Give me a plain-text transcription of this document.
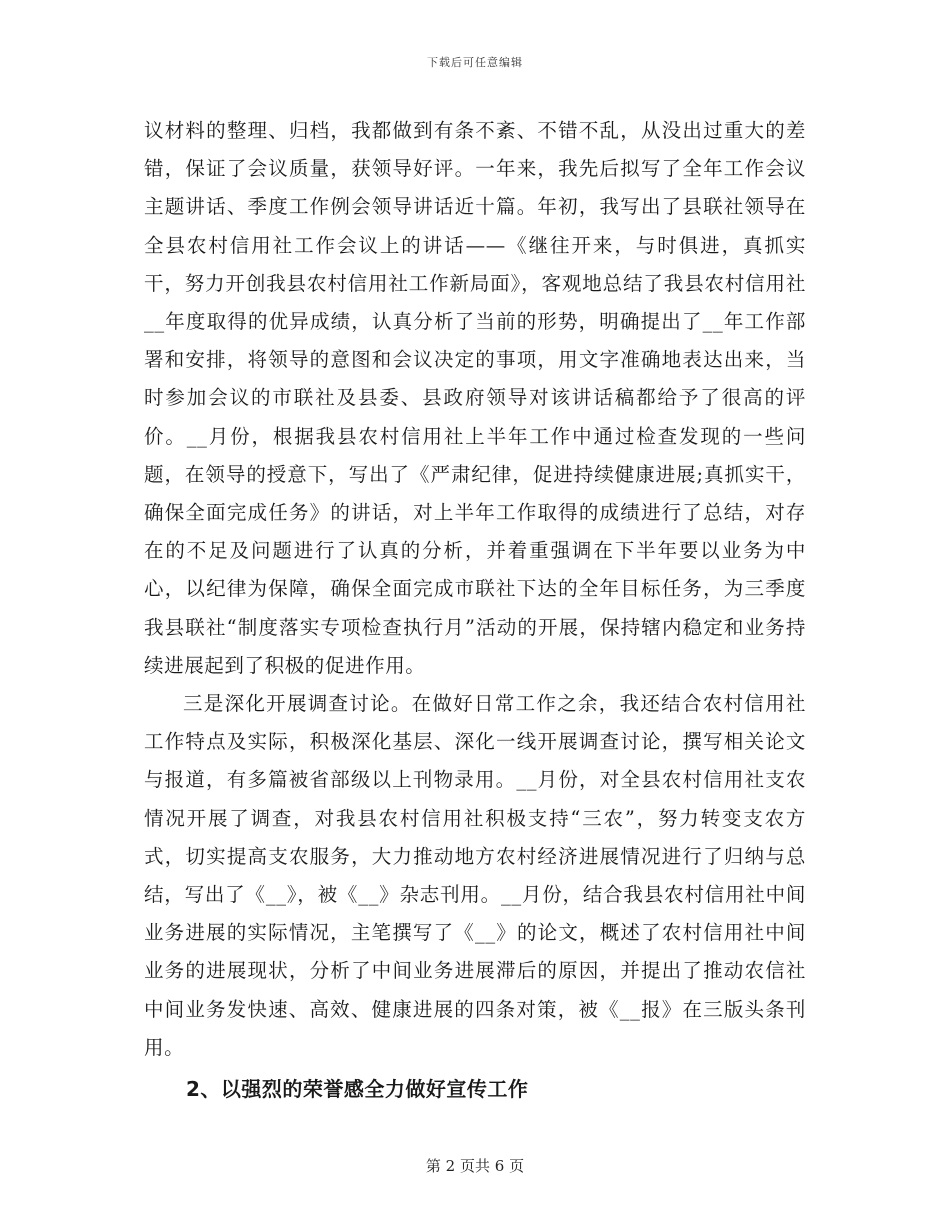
下载后可任意编辑

议材料的整理、归档，我都做到有条不紊、不错不乱，从没出过重大的差错，保证了会议质量，获领导好评。一年来，我先后拟写了全年工作会议主题讲话、季度工作例会领导讲话近十篇。年初，我写出了县联社领导在全县农村信用社工作会议上的讲话——《继往开来，与时俱进，真抓实干，努力开创我县农村信用社工作新局面》，客观地总结了我县农村信用社__年度取得的优异成绩，认真分析了当前的形势，明确提出了__年工作部署和安排，将领导的意图和会议决定的事项，用文字准确地表达出来，当时参加会议的市联社及县委、县政府领导对该讲话稿都给予了很高的评价。__月份，根据我县农村信用社上半年工作中通过检查发现的一些问题，在领导的授意下，写出了《严肃纪律，促进持续健康进展;真抓实干，确保全面完成任务》的讲话，对上半年工作取得的成绩进行了总结，对存在的不足及问题进行了认真的分析，并着重强调在下半年要以业务为中心，以纪律为保障，确保全面完成市联社下达的全年目标任务，为三季度我县联社“制度落实专项检查执行月”活动的开展，保持辖内稳定和业务持续进展起到了积极的促进作用。

三是深化开展调查讨论。在做好日常工作之余，我还结合农村信用社工作特点及实际，积极深化基层、深化一线开展调查讨论，撰写相关论文与报道，有多篇被省部级以上刊物录用。__月份，对全县农村信用社支农情况开展了调查，对我县农村信用社积极支持“三农”，努力转变支农方式，切实提高支农服务，大力推动地方农村经济进展情况进行了归纳与总结，写出了《__》，被《__》杂志刊用。__月份，结合我县农村信用社中间业务进展的实际情况，主笔撰写了《__》的论文，概述了农村信用社中间业务的进展现状，分析了中间业务进展滞后的原因，并提出了推动农信社中间业务发快速、高效、健康进展的四条对策，被《__报》在三版头条刊用。

2、以强烈的荣誉感全力做好宣传工作

第 2 页共 6 页
